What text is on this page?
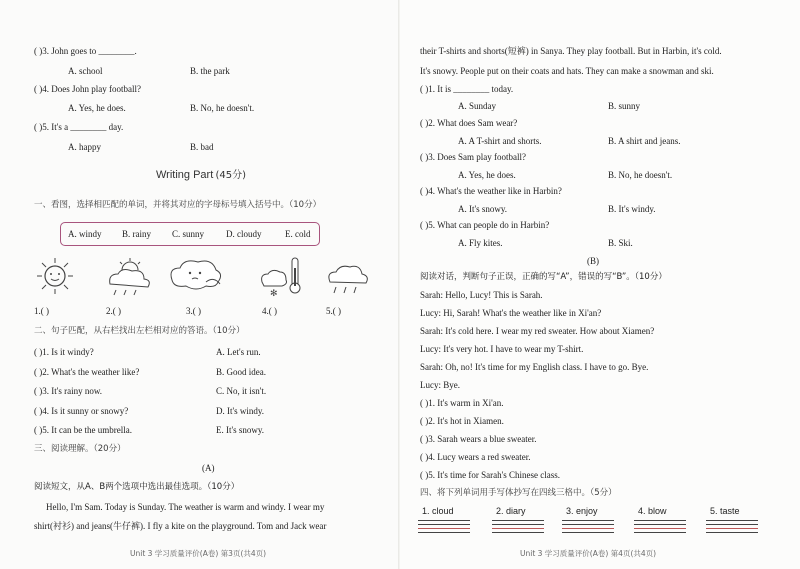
( )3. John goes to ________.
A. school	B. the park
( )4. Does John play football?
A. Yes, he does.	B. No, he doesn't.
( )5. It's a ________ day.
A. happy	B. bad
Writing Part (45分)
一、看图，选择相匹配的单词，并将其对应的字母标号填入括号中。（10分）
A. windy B. rainy C. sunny D. cloudy	E. cold
✻
1.( )	2.( )	3.( )	4.( )	5.( )
二、句子匹配，从右栏找出左栏相对应的答语。（10分）
( )1. Is it windy?	A. Let's run.
( )2. What's the weather like?	B. Good idea.
( )3. It's rainy now.	C. No, it isn't.
( )4. Is it sunny or snowy?	D. It's windy.
( )5. It can be the umbrella.	E. It's snowy.
三、阅读理解。（20分）
(A)
阅读短文，从A、B两个选项中选出最佳选项。（10分）
Hello, I'm Sam. Today is Sunday. The weather is warm and windy. I wear my
shirt(衬衫) and jeans(牛仔裤). I fly a kite on the playground. Tom and Jack wear
Unit 3 学习质量评价(A卷) 第3页(共4页)
their T-shirts and shorts(短裤) in Sanya. They play football. But in Harbin, it's cold.
It's snowy. People put on their coats and hats. They can make a snowman and ski.
( )1. It is ________ today.
A. Sunday	B. sunny
( )2. What does Sam wear?
A. A T-shirt and shorts.	B. A shirt and jeans.
( )3. Does Sam play football?
A. Yes, he does.	B. No, he doesn't.
( )4. What's the weather like in Harbin?
A. It's snowy.	B. It's windy.
( )5. What can people do in Harbin?
A. Fly kites.	B. Ski.
(B)
阅读对话，判断句子正误，正确的写“A”，错误的写“B”。（10分）
Sarah: Hello, Lucy! This is Sarah.
Lucy: Hi, Sarah! What's the weather like in Xi'an?
Sarah: It's cold here. I wear my red sweater. How about Xiamen?
Lucy: It's very hot. I have to wear my T-shirt.
Sarah: Oh, no! It's time for my English class. I have to go. Bye.
Lucy: Bye.
( )1. It's warm in Xi'an.
( )2. It's hot in Xiamen.
( )3. Sarah wears a blue sweater.
( )4. Lucy wears a red sweater.
( )5. It's time for Sarah's Chinese class.
四、将下列单词用手写体抄写在四线三格中。（5分）
1. cloud	2. diary	3. enjoy	4. blow	5. taste
Unit 3 学习质量评价(A卷) 第4页(共4页)
